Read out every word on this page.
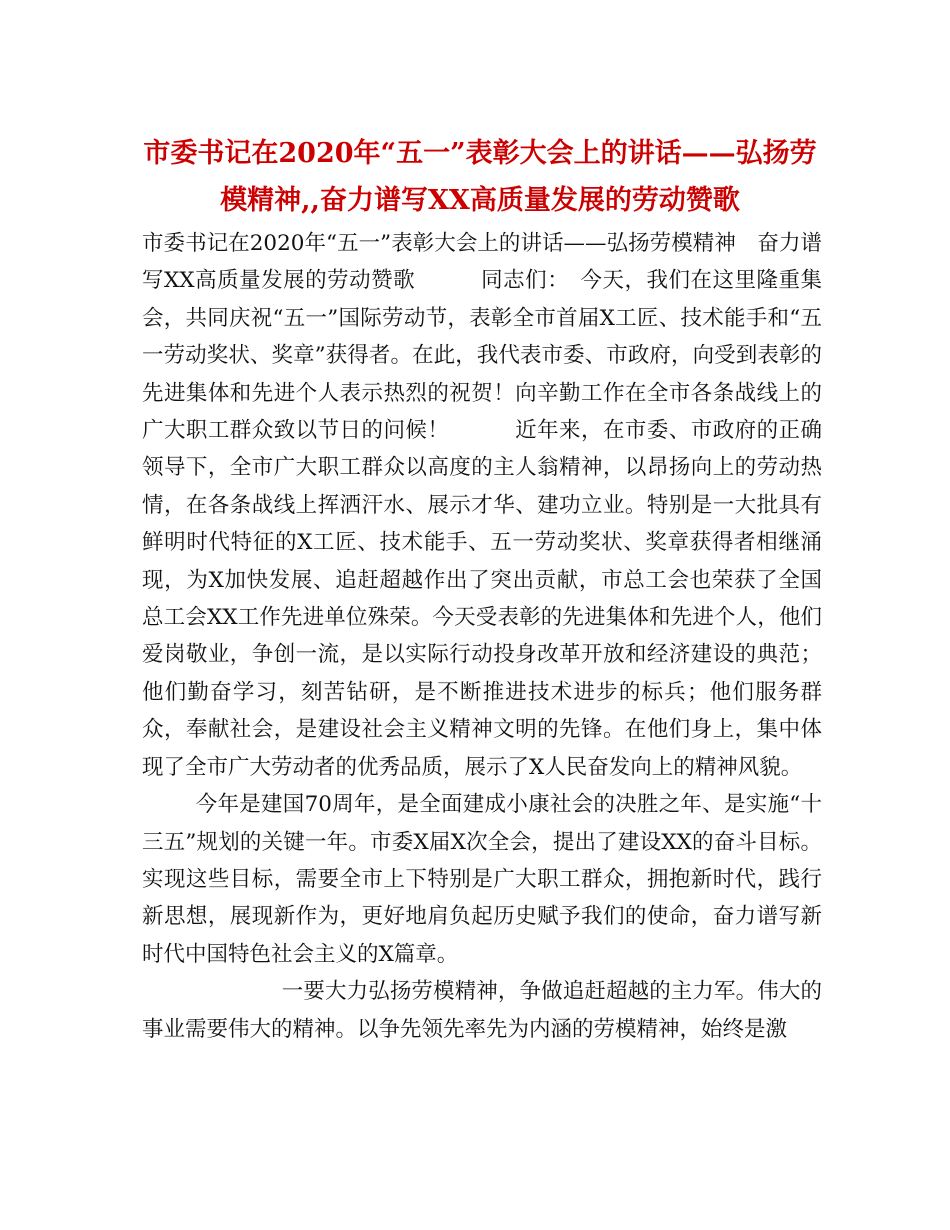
市委书记在2020年“五一”表彰大会上的讲话——弘扬劳模精神,,奋力谱写XX高质量发展的劳动赞歌

市委书记在2020年“五一”表彰大会上的讲话——弘扬劳模精神　奋力谱写XX高质量发展的劳动赞歌　　　同志们：　今天，我们在这里隆重集会，共同庆祝“五一”国际劳动节，表彰全市首届X工匠、技术能手和“五一劳动奖状、奖章”获得者。在此，我代表市委、市政府，向受到表彰的先进集体和先进个人表示热烈的祝贺！向辛勤工作在全市各条战线上的广大职工群众致以节日的问候！　　　近年来，在市委、市政府的正确领导下，全市广大职工群众以高度的主人翁精神，以昂扬向上的劳动热情，在各条战线上挥洒汗水、展示才华、建功立业。特别是一大批具有鲜明时代特征的X工匠、技术能手、五一劳动奖状、奖章获得者相继涌现，为X加快发展、追赶超越作出了突出贡献，市总工会也荣获了全国总工会XX工作先进单位殊荣。今天受表彰的先进集体和先进个人，他们爱岗敬业，争创一流，是以实际行动投身改革开放和经济建设的典范；他们勤奋学习，刻苦钻研，是不断推进技术进步的标兵；他们服务群众，奉献社会，是建设社会主义精神文明的先锋。在他们身上，集中体现了全市广大劳动者的优秀品质，展示了X人民奋发向上的精神风貌。

今年是建国70周年，是全面建成小康社会的决胜之年、是实施“十三五”规划的关键一年。市委X届X次全会，提出了建设XX的奋斗目标。实现这些目标，需要全市上下特别是广大职工群众，拥抱新时代，践行新思想，展现新作为，更好地肩负起历史赋予我们的使命，奋力谱写新时代中国特色社会主义的X篇章。

一要大力弘扬劳模精神，争做追赶超越的主力军。伟大的事业需要伟大的精神。以争先领先率先为内涵的劳模精神，始终是激
